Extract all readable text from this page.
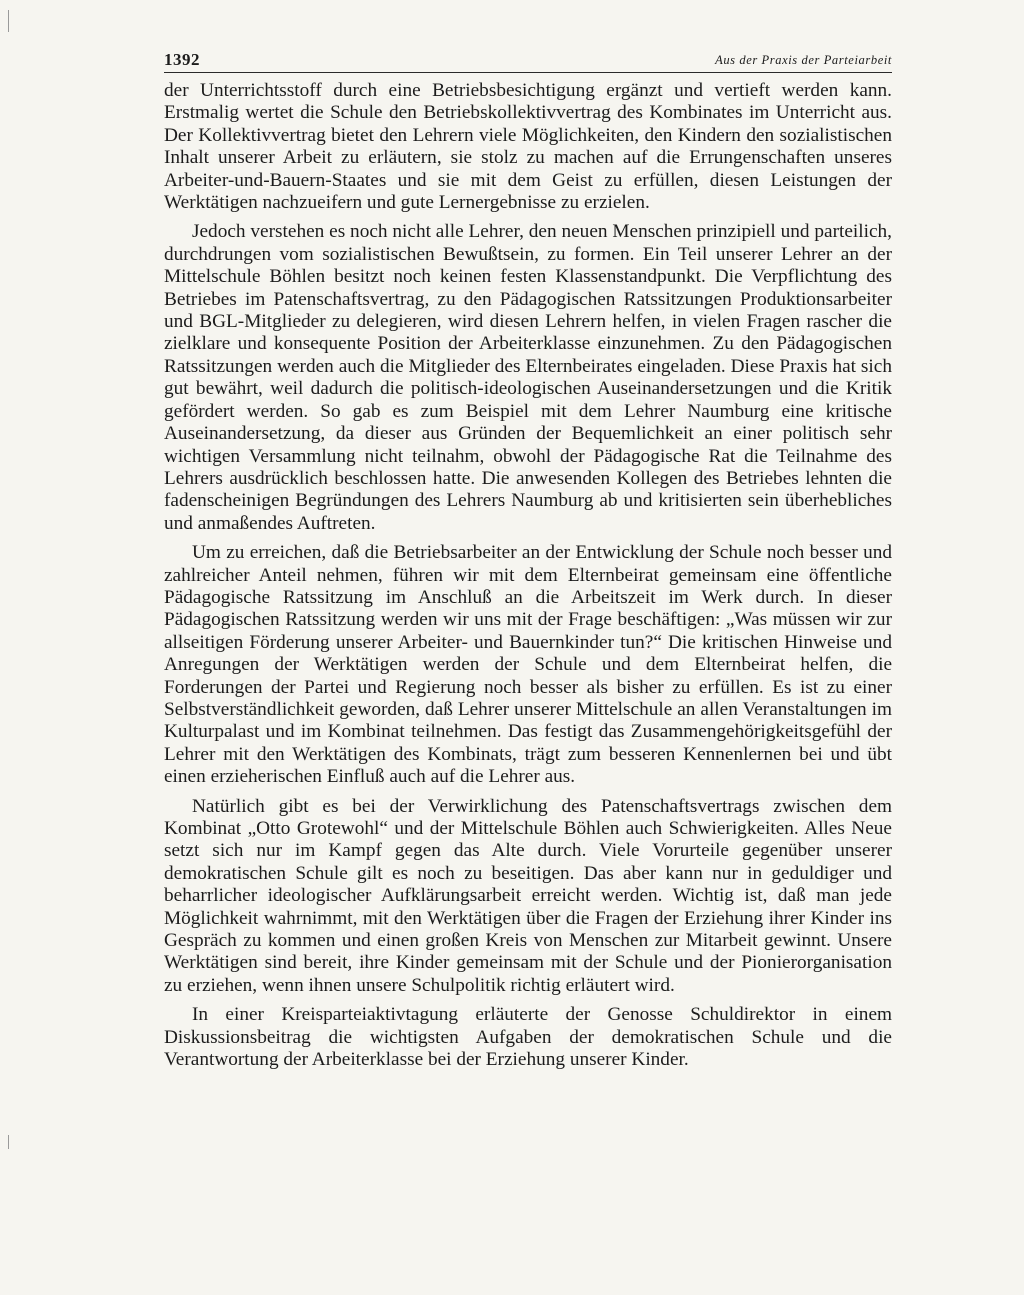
1392	Aus der Praxis der Parteiarbeit

der Unterrichtsstoff durch eine Betriebsbesichtigung ergänzt und vertieft werden kann. Erstmalig wertet die Schule den Betriebskollektivvertrag des Kombinates im Unterricht aus. Der Kollektivvertrag bietet den Lehrern viele Möglichkeiten, den Kindern den sozialistischen Inhalt unserer Arbeit zu erläutern, sie stolz zu machen auf die Errungenschaften unseres Arbeiter-und-Bauern-Staates und sie mit dem Geist zu erfüllen, diesen Leistungen der Werktätigen nachzueifern und gute Lernergebnisse zu erzielen.

Jedoch verstehen es noch nicht alle Lehrer, den neuen Menschen prinzipiell und parteilich, durchdrungen vom sozialistischen Bewußtsein, zu formen. Ein Teil unserer Lehrer an der Mittelschule Böhlen besitzt noch keinen festen Klassenstandpunkt. Die Verpflichtung des Betriebes im Patenschaftsvertrag, zu den Pädagogischen Ratssitzungen Produktionsarbeiter und BGL-Mitglieder zu delegieren, wird diesen Lehrern helfen, in vielen Fragen rascher die zielklare und konsequente Position der Arbeiterklasse einzunehmen. Zu den Pädagogischen Ratssitzungen werden auch die Mitglieder des Elternbeirates eingeladen. Diese Praxis hat sich gut bewährt, weil dadurch die politisch-ideologischen Auseinandersetzungen und die Kritik gefördert werden. So gab es zum Beispiel mit dem Lehrer Naumburg eine kritische Auseinandersetzung, da dieser aus Gründen der Bequemlichkeit an einer politisch sehr wichtigen Versammlung nicht teilnahm, obwohl der Pädagogische Rat die Teilnahme des Lehrers ausdrücklich beschlossen hatte. Die anwesenden Kollegen des Betriebes lehnten die fadenscheinigen Begründungen des Lehrers Naumburg ab und kritisierten sein überhebliches und anmaßendes Auftreten.

Um zu erreichen, daß die Betriebsarbeiter an der Entwicklung der Schule noch besser und zahlreicher Anteil nehmen, führen wir mit dem Elternbeirat gemeinsam eine öffentliche Pädagogische Ratssitzung im Anschluß an die Arbeitszeit im Werk durch. In dieser Pädagogischen Ratssitzung werden wir uns mit der Frage beschäftigen: „Was müssen wir zur allseitigen Förderung unserer Arbeiter- und Bauernkinder tun?“ Die kritischen Hinweise und Anregungen der Werktätigen werden der Schule und dem Elternbeirat helfen, die Forderungen der Partei und Regierung noch besser als bisher zu erfüllen. Es ist zu einer Selbstverständlichkeit geworden, daß Lehrer unserer Mittelschule an allen Veranstaltungen im Kulturpalast und im Kombinat teilnehmen. Das festigt das Zusammengehörigkeitsgefühl der Lehrer mit den Werktätigen des Kombinats, trägt zum besseren Kennenlernen bei und übt einen erzieherischen Einfluß auch auf die Lehrer aus.

Natürlich gibt es bei der Verwirklichung des Patenschaftsvertrags zwischen dem Kombinat „Otto Grotewohl“ und der Mittelschule Böhlen auch Schwierigkeiten. Alles Neue setzt sich nur im Kampf gegen das Alte durch. Viele Vorurteile gegenüber unserer demokratischen Schule gilt es noch zu beseitigen. Das aber kann nur in geduldiger und beharrlicher ideologischer Aufklärungsarbeit erreicht werden. Wichtig ist, daß man jede Möglichkeit wahrnimmt, mit den Werktätigen über die Fragen der Erziehung ihrer Kinder ins Gespräch zu kommen und einen großen Kreis von Menschen zur Mitarbeit gewinnt. Unsere Werktätigen sind bereit, ihre Kinder gemeinsam mit der Schule und der Pionierorganisation zu erziehen, wenn ihnen unsere Schulpolitik richtig erläutert wird.

In einer Kreisparteiaktivtagung erläuterte der Genosse Schuldirektor in einem Diskussionsbeitrag die wichtigsten Aufgaben der demokratischen Schule und die Verantwortung der Arbeiterklasse bei der Erziehung unserer Kinder.
